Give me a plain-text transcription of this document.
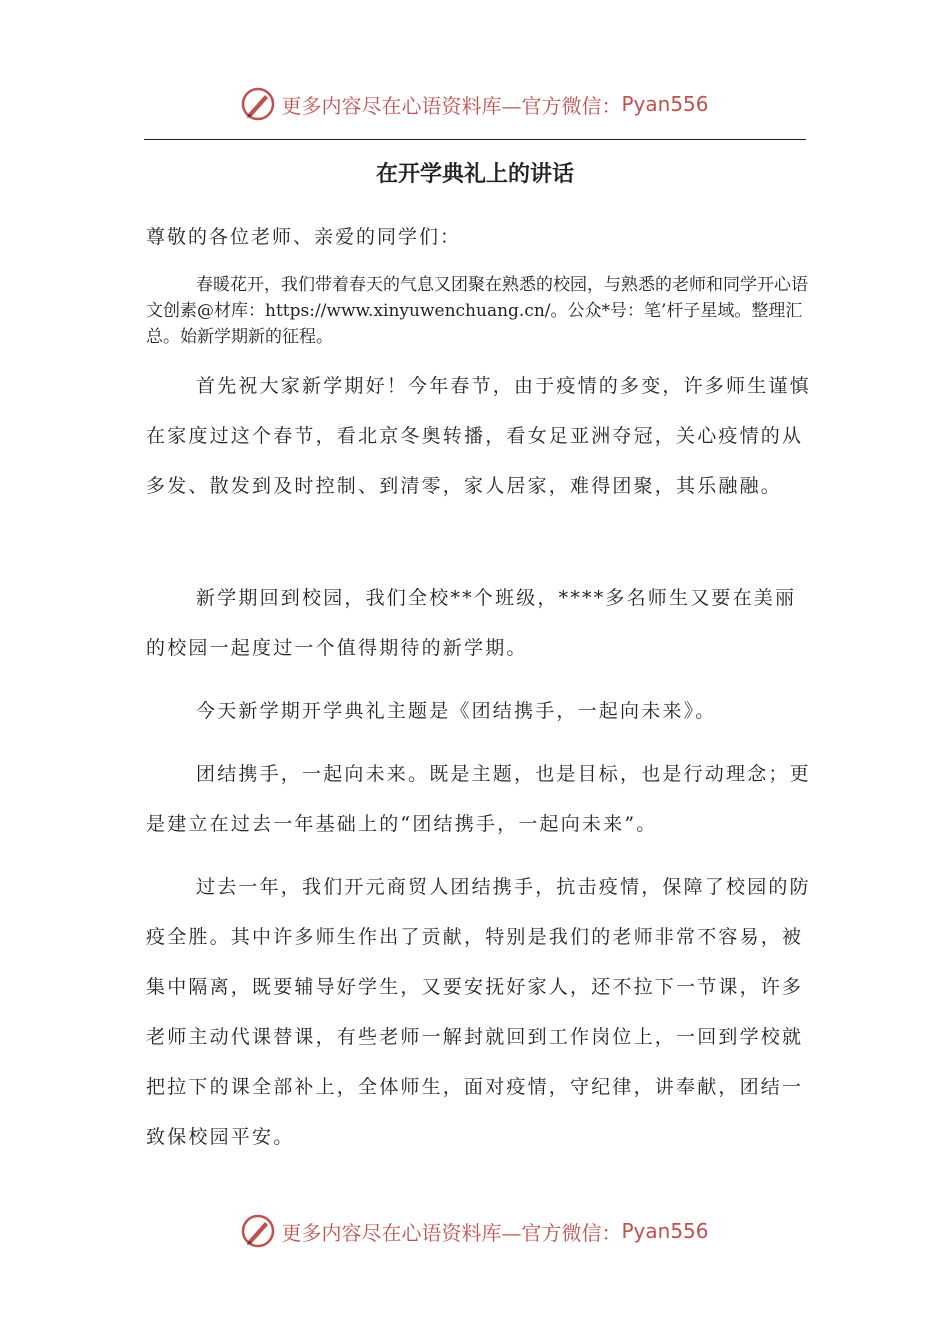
更多内容尽在心语资料库—官方微信： Pyan556
在开学典礼上的讲话

尊敬的各位老师、亲爱的同学们：

春暖花开，我们带着春天的气息又团聚在熟悉的校园，与熟悉的老师和同学开心语文创素@材库：https://www.xinyuwenchuang.cn/。公众*号：笔’杆子星域。整理汇总。始新学期新的征程。

首先祝大家新学期好！今年春节，由于疫情的多变，许多师生谨慎在家度过这个春节，看北京冬奥转播，看女足亚洲夺冠，关心疫情的从多发、散发到及时控制、到清零，家人居家，难得团聚，其乐融融。

新学期回到校园，我们全校**个班级，****多名师生又要在美丽的校园一起度过一个值得期待的新学期。

今天新学期开学典礼主题是《团结携手，一起向未来》。

团结携手，一起向未来。既是主题，也是目标，也是行动理念；更是建立在过去一年基础上的“团结携手，一起向未来”。

过去一年，我们开元商贸人团结携手，抗击疫情，保障了校园的防疫全胜。其中许多师生作出了贡献，特别是我们的老师非常不容易，被集中隔离，既要辅导好学生，又要安抚好家人，还不拉下一节课，许多老师主动代课替课，有些老师一解封就回到工作岗位上，一回到学校就把拉下的课全部补上，全体师生，面对疫情，守纪律，讲奉献，团结一致保校园平安。

更多内容尽在心语资料库—官方微信： Pyan556
